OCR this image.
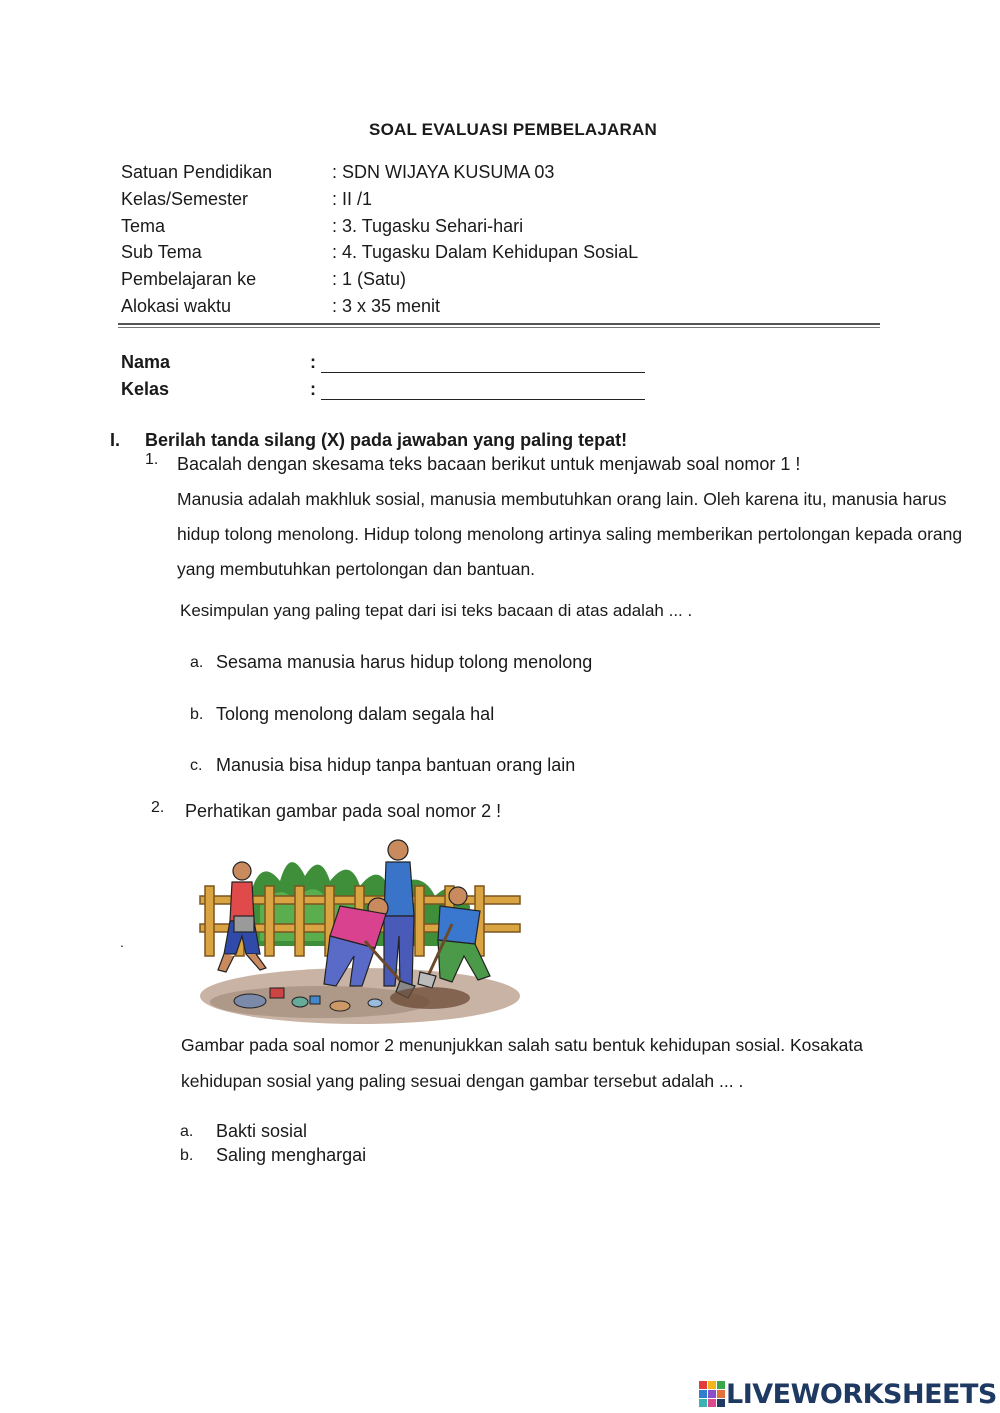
SOAL EVALUASI PEMBELAJARAN
Satuan Pendidikan	: SDN WIJAYA KUSUMA 03
Kelas/Semester	: II /1
Tema	: 3. Tugasku Sehari-hari
Sub Tema	: 4. Tugasku Dalam Kehidupan SosiaL
Pembelajaran ke	: 1 (Satu)
Alokasi waktu	: 3 x 35 menit
Nama	:
Kelas	:
I. Berilah tanda silang (X) pada jawaban yang paling tepat!
1. Bacalah dengan skesama teks bacaan berikut untuk menjawab soal nomor 1 !
Manusia adalah makhluk sosial, manusia membutuhkan orang lain. Oleh karena itu, manusia harus
hidup tolong menolong. Hidup tolong menolong artinya saling memberikan pertolongan kepada orang
yang membutuhkan pertolongan dan bantuan.
Kesimpulan yang paling tepat dari isi teks bacaan di atas adalah ... .
a. Sesama manusia harus hidup tolong menolong
b. Tolong menolong dalam segala hal
c. Manusia bisa hidup tanpa bantuan orang lain
2. Perhatikan gambar pada soal nomor 2 !
.
Gambar pada soal nomor 2 menunjukkan salah satu bentuk kehidupan sosial. Kosakata
kehidupan sosial yang paling sesuai dengan gambar tersebut adalah ... .
a. Bakti sosial
b. Saling menghargai
LIVEWORKSHEETS
